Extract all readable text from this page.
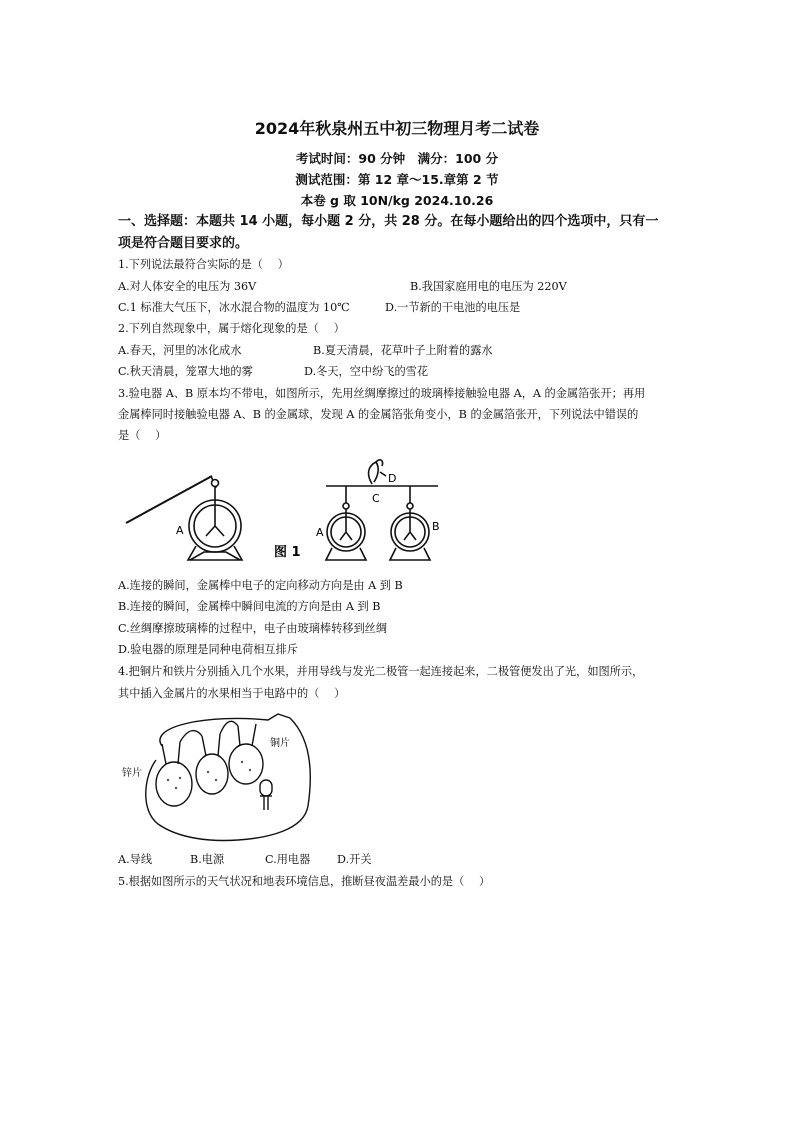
2024年秋泉州五中初三物理月考二试卷
考试时间：90 分钟　满分：100 分
测试范围：第 12 章～15.章第 2 节
本卷 g 取 10N/kg 2024.10.26
一、选择题：本题共 14 小题，每小题 2 分，共 28 分。在每小题给出的四个选项中，只有一
项是符合题目要求的。
1.下列说法最符合实际的是（　 ）
A.对人体安全的电压为 36V	B.我国家庭用电的电压为 220V
C.1 标准大气压下，冰水混合物的温度为 10℃	D.一节新的干电池的电压是
2.下列自然现象中，属于熔化现象的是（　 ）
A.春天，河里的冰化成水	B.夏天清晨，花草叶子上附着的露水
C.秋天清晨，笼罩大地的雾	D.冬天，空中纷飞的雪花
3.验电器 A、B 原本均不带电，如图所示，先用丝绸摩擦过的玻璃棒接触验电器 A，A 的金属箔张开；再用
金属棒同时接触验电器 A、B 的金属球，发现 A 的金属箔张角变小，B 的金属箔张开，下列说法中错误的
是（　 ）
A
D
C
A	B
图 1
A.连接的瞬间，金属棒中电子的定向移动方向是由 A 到 B
B.连接的瞬间，金属棒中瞬间电流的方向是由 A 到 B
C.丝绸摩擦玻璃棒的过程中，电子由玻璃棒转移到丝绸
D.验电器的原理是同种电荷相互排斥
4.把铜片和铁片分别插入几个水果，并用导线与发光二极管一起连接起来，二极管便发出了光，如图所示，
其中插入金属片的水果相当于电路中的（　 ）
锌片
铜片
A.导线	B.电源	C.用电器 D.开关
5.根据如图所示的天气状况和地表环境信息，推断昼夜温差最小的是（　 ）
